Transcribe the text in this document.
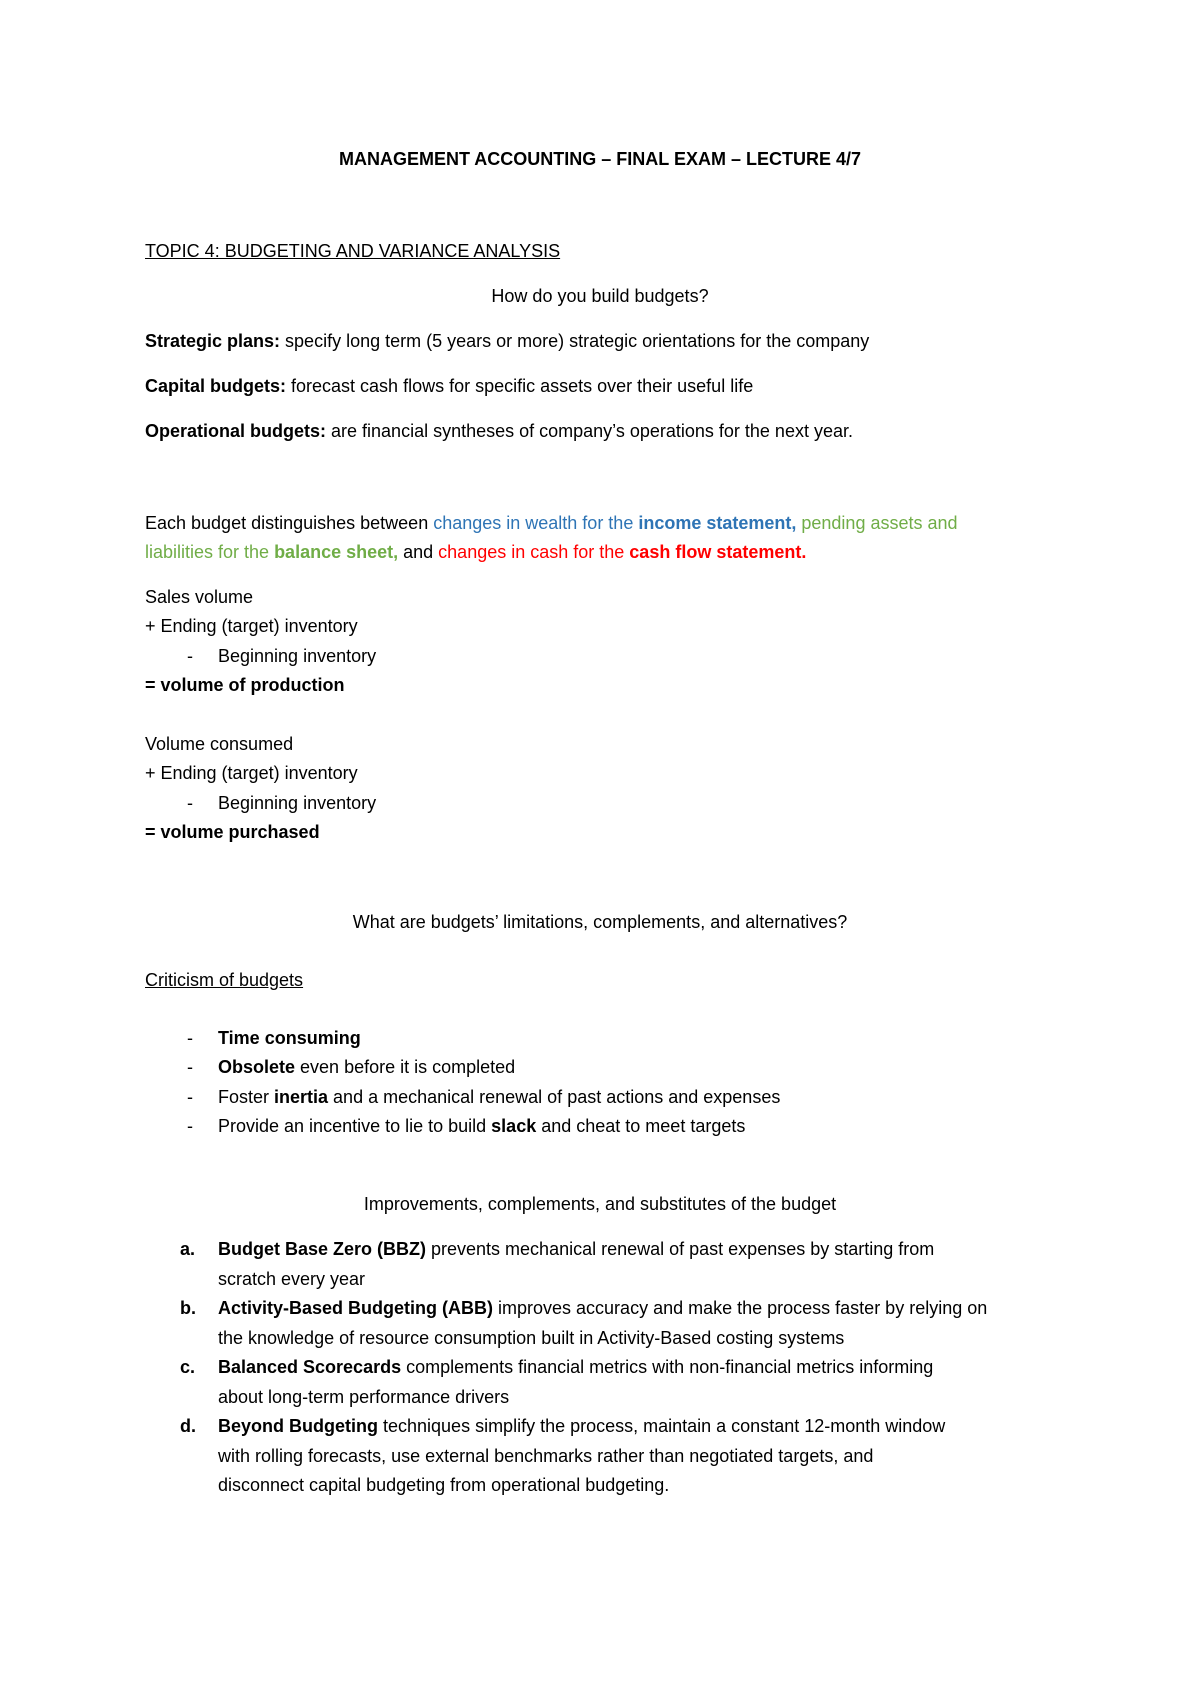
MANAGEMENT ACCOUNTING – FINAL EXAM – LECTURE 4/7
TOPIC 4: BUDGETING AND VARIANCE ANALYSIS
How do you build budgets?
Strategic plans: specify long term (5 years or more) strategic orientations for the company
Capital budgets: forecast cash flows for specific assets over their useful life
Operational budgets: are financial syntheses of company’s operations for the next year.
Each budget distinguishes between changes in wealth for the income statement, pending assets and
liabilities for the balance sheet, and changes in cash for the cash flow statement.
Sales volume
+ Ending (target) inventory
- Beginning inventory
= volume of production
Volume consumed
+ Ending (target) inventory
- Beginning inventory
= volume purchased
What are budgets’ limitations, complements, and alternatives?
Criticism of budgets
- Time consuming
- Obsolete even before it is completed
- Foster inertia and a mechanical renewal of past actions and expenses
- Provide an incentive to lie to build slack and cheat to meet targets
Improvements, complements, and substitutes of the budget
a. Budget Base Zero (BBZ) prevents mechanical renewal of past expenses by starting from
scratch every year
b. Activity-Based Budgeting (ABB) improves accuracy and make the process faster by relying on
the knowledge of resource consumption built in Activity-Based costing systems
c. Balanced Scorecards complements financial metrics with non-financial metrics informing
about long-term performance drivers
d. Beyond Budgeting techniques simplify the process, maintain a constant 12-month window
with rolling forecasts, use external benchmarks rather than negotiated targets, and
disconnect capital budgeting from operational budgeting.
